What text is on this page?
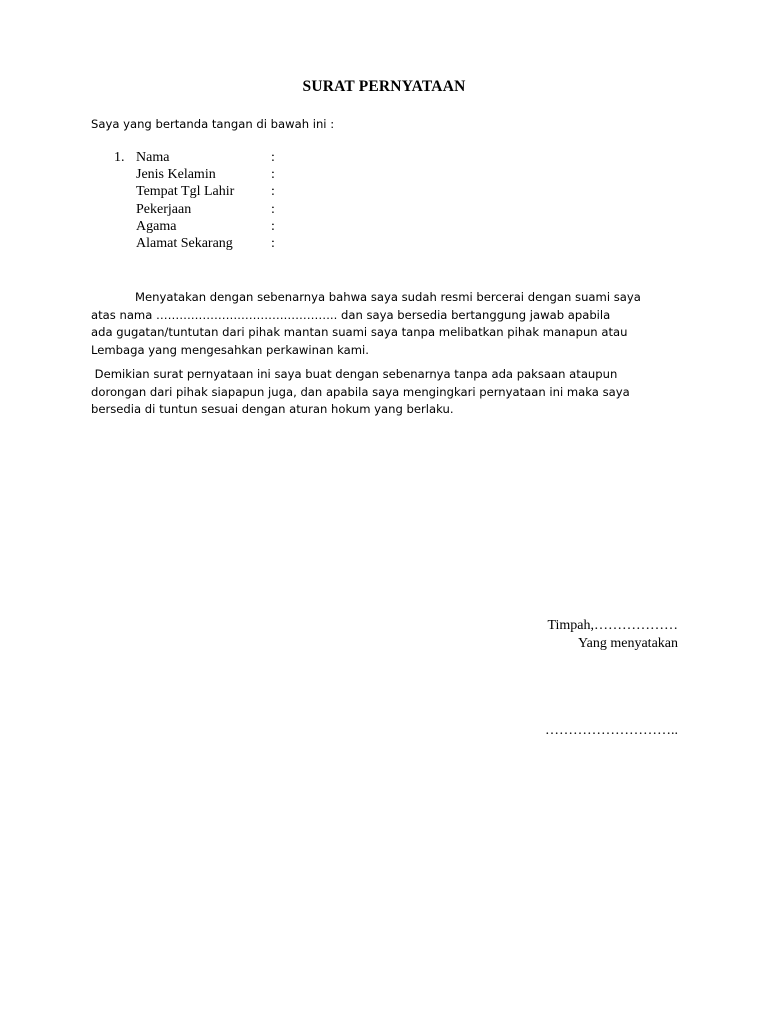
SURAT PERNYATAAN
Saya yang bertanda tangan di bawah ini :
1. Nama	:
Jenis Kelamin	:
Tempat Tgl Lahir	:
Pekerjaan	:
Agama	:
Alamat Sekarang	:
Menyatakan dengan sebenarnya bahwa saya sudah resmi bercerai dengan suami saya
atas nama ……………………………………….. dan saya bersedia bertanggung jawab apabila
ada gugatan/tuntutan dari pihak mantan suami saya tanpa melibatkan pihak manapun atau
Lembaga yang mengesahkan perkawinan kami.
Demikian surat pernyataan ini saya buat dengan sebenarnya tanpa ada paksaan ataupun
dorongan dari pihak siapapun juga, dan apabila saya mengingkari pernyataan ini maka saya
bersedia di tuntun sesuai dengan aturan hokum yang berlaku.
Timpah,………………
Yang menyatakan
………………………..
